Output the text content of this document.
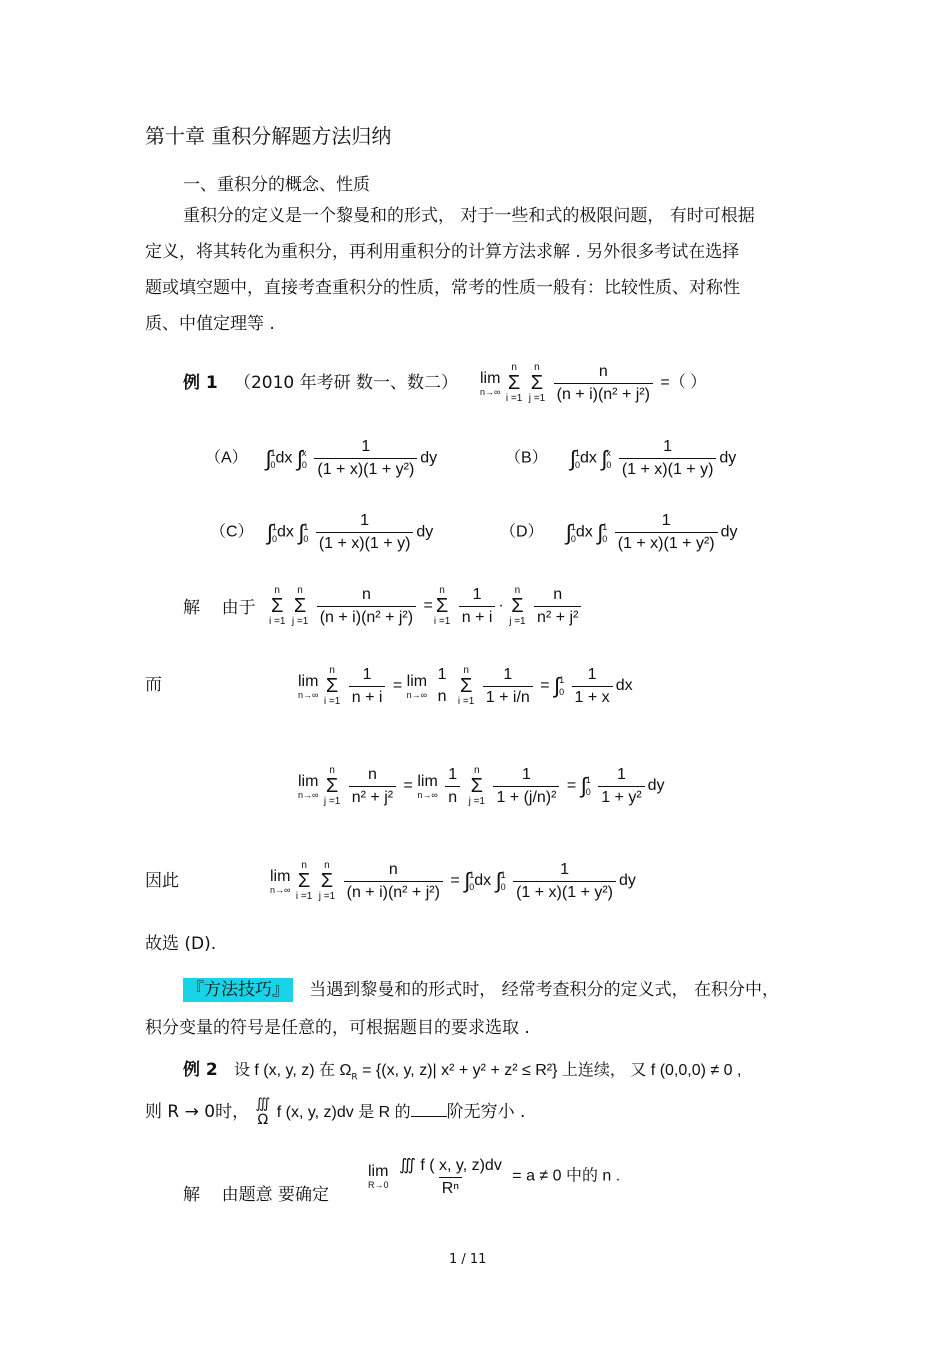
第十章 重积分解题方法归纳
一、重积分的概念、性质
重积分的定义是一个黎曼和的形式， 对于一些和式的极限问题， 有时可根据
定义，将其转化为重积分，再利用重积分的计算方法求解 . 另外很多考试在选择
题或填空题中，直接考查重积分的性质，常考的性质一般有：比较性质、对称性
质、中值定理等 .
例 1 （2010 年考研 数一、数二） lim
n→∞

n
Σ
i =1

n
Σ
j =1
$\frac{n}{\text{(n + i)(n² + j²)}}$ =（ ）
（A） ∫ 1
0 dx ∫ x
0
$\frac{1}{\text{(1 + x)(1 + y²)}}$ dy	（B） ∫ 1
0 dx ∫ x
0
$\frac{1}{(1 + x)(1 + y)}$ dy
（C） ∫ 1
0 dx ∫ 1
0
$\frac{1}{(1 + x)(1 + y)}$ dy	（D） ∫ 1
0 dx ∫ 1
0
$\frac{1}{\text{(1 + x)(1 + y²)}}$ dy
解 由于
n
Σ
i =1

n
Σ
j =1
$\frac{n}{\text{(n + i)(n² + j²)}}$ =
n
Σ
i =1
$\frac{1}{n + i}$ ·
n
Σ
j =1
$\frac{n}{\text{n² + j²}}$
而	lim
n→∞

n
Σ
i =1
$\frac{1}{n + i} = \lim$
n→∞

1
n

n
Σ
i =1
$\frac{1}{1 + i/n}$ = ∫ 1
0
$\frac{1}{1 + x}$ dx
lim
n→∞

n
Σ
j =1
$\frac{n}{\text{n² + j²}} = \lim$
n→∞
$\frac{1}{n}$
n
Σ
j =1
$\frac{1}{\text{1 + (j/n)²}}$ = ∫ 1
0
$\frac{1}{\text{1 + y²}}$ dy
因此	lim
n→∞

n
Σ
i =1

n
Σ
j =1
$\frac{n}{\text{(n + i)(n² + j²)}}$ = ∫ 1
0 dx ∫ 1
0
$\frac{1}{\text{(1 + x)(1 + y²)}}$ dy
故选 (D).
『方法技巧』 当遇到黎曼和的形式时， 经常考查积分的定义式， 在积分中，
积分变量的符号是任意的，可根据题目的要求选取 .
例 2 设 f (x, y, z) 在 $\Omega_R = \{(x$, y, z)| x² + y² + z² ≤ R²} 上连续， 又 f (0,0,0) ≠ 0 ,
则 R → 0时， ∭
Ω f (x, y, z)dv 是 R 的 阶无穷小 .
解 由题意 要确定
lim
R→0
$\frac{∭ f ( x, y, z)dv}{\text{Rⁿ}} = a \ne 0$ 中的 n .
1 / 11
